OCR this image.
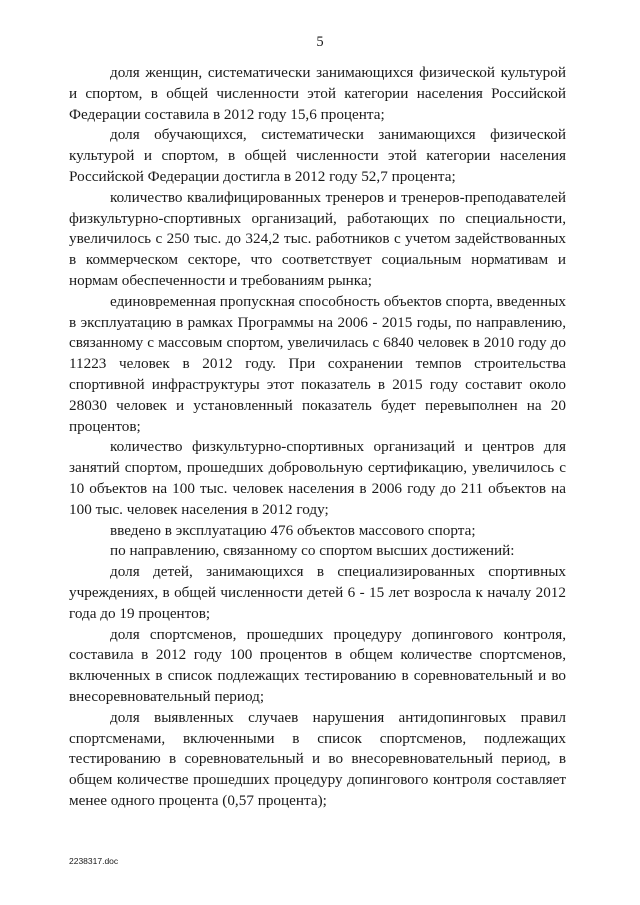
5

доля женщин, систематически занимающихся физической культурой и спортом, в общей численности этой категории населения Российской Федерации составила в 2012 году 15,6 процента;

доля обучающихся, систематически занимающихся физической культурой и спортом, в общей численности этой категории населения Российской Федерации достигла в 2012 году 52,7 процента;

количество квалифицированных тренеров и тренеров-преподавателей физкультурно-спортивных организаций, работающих по специальности, увеличилось с 250 тыс. до 324,2 тыс. работников с учетом задействованных в коммерческом секторе, что соответствует социальным нормативам и нормам обеспеченности и требованиям рынка;

единовременная пропускная способность объектов спорта, введенных в эксплуатацию в рамках Программы на 2006 - 2015 годы, по направлению, связанному с массовым спортом, увеличилась с 6840 человек в 2010 году до 11223 человек в 2012 году. При сохранении темпов строительства спортивной инфраструктуры этот показатель в 2015 году составит около 28030 человек и установленный показатель будет перевыполнен на 20 процентов;

количество физкультурно-спортивных организаций и центров для занятий спортом, прошедших добровольную сертификацию, увеличилось с 10 объектов на 100 тыс. человек населения в 2006 году до 211 объектов на 100 тыс. человек населения в 2012 году;

введено в эксплуатацию 476 объектов массового спорта;

по направлению, связанному со спортом высших достижений:

доля детей, занимающихся в специализированных спортивных учреждениях, в общей численности детей 6 - 15 лет возросла к началу 2012 года до 19 процентов;

доля спортсменов, прошедших процедуру допингового контроля, составила в 2012 году 100 процентов в общем количестве спортсменов, включенных в список подлежащих тестированию в соревновательный и во внесоревновательный период;

доля выявленных случаев нарушения антидопинговых правил спортсменами, включенными в список спортсменов, подлежащих тестированию в соревновательный и во внесоревновательный период, в общем количестве прошедших процедуру допингового контроля составляет менее одного процента (0,57 процента);

2238317.doc
